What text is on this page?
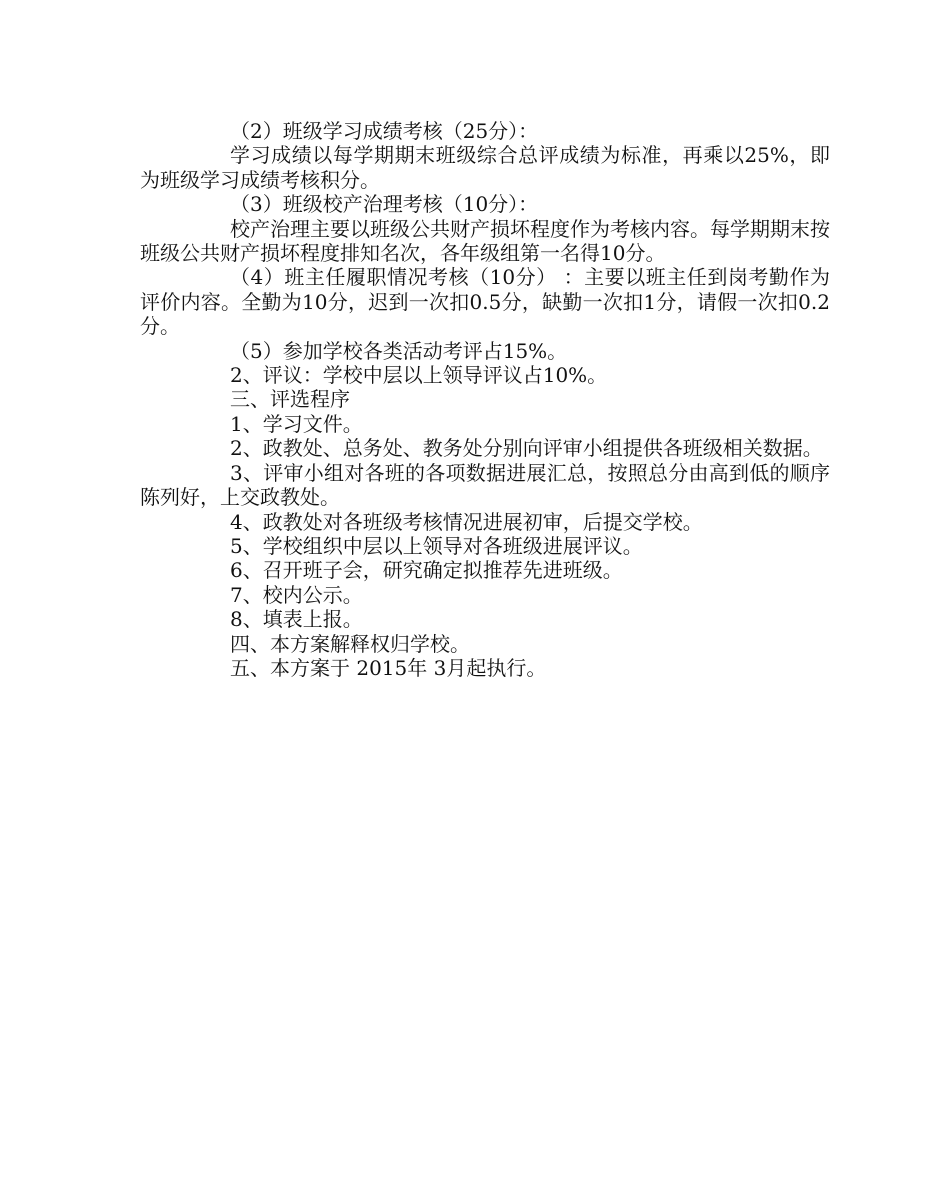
（2）班级学习成绩考核（25分）：

学习成绩以每学期期末班级综合总评成绩为标准，再乘以25%，即为班级学习成绩考核积分。

（3）班级校产治理考核（10分）：

校产治理主要以班级公共财产损坏程度作为考核内容。每学期期末按班级公共财产损坏程度排知名次，各年级组第一名得10分。

（4）班主任履职情况考核（10分） ：主要以班主任到岗考勤作为评价内容。全勤为10分，迟到一次扣0.5分，缺勤一次扣1分，请假一次扣0.2分。

（5）参加学校各类活动考评占15%。

2、评议：学校中层以上领导评议占10%。

三、评选程序

1、学习文件。

2、政教处、总务处、教务处分别向评审小组提供各班级相关数据。

3、评审小组对各班的各项数据进展汇总，按照总分由高到低的顺序陈列好，上交政教处。

4、政教处对各班级考核情况进展初审，后提交学校。

5、学校组织中层以上领导对各班级进展评议。

6、召开班子会，研究确定拟推荐先进班级。

7、校内公示。

8、填表上报。

四、本方案解释权归学校。

五、本方案于 2015年 3月起执行。
